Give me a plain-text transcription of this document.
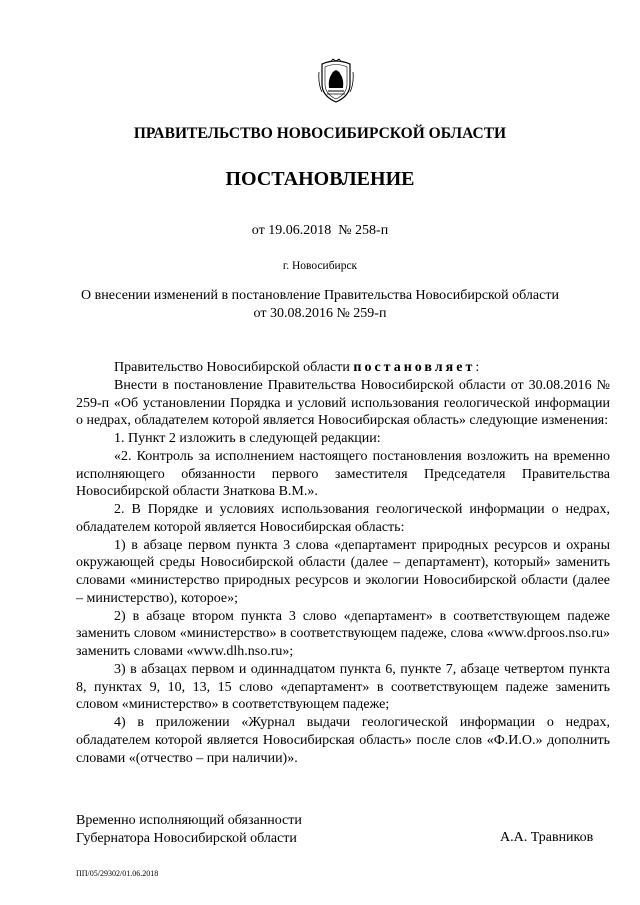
ПРАВИТЕЛЬСТВО НОВОСИБИРСКОЙ ОБЛАСТИ
ПОСТАНОВЛЕНИЕ
от 19.06.2018  № 258-п
г. Новосибирск
О внесении изменений в постановление Правительства Новосибирской области
от 30.08.2016 № 259-п

Правительство Новосибирской области постановляет:

Внести в постановление Правительства Новосибирской области от 30.08.2016 № 259-п «Об установлении Порядка и условий использования геологической информации о недрах, обладателем которой является Новосибирская область» следующие изменения:

1. Пункт 2 изложить в следующей редакции:

«2. Контроль за исполнением настоящего постановления возложить на временно исполняющего обязанности первого заместителя Председателя Правительства Новосибирской области Знаткова В.М.».

2. В Порядке и условиях использования геологической информации о недрах, обладателем которой является Новосибирская область:

1) в абзаце первом пункта 3 слова «департамент природных ресурсов и охраны окружающей среды Новосибирской области (далее – департамент), который» заменить словами «министерство природных ресурсов и экологии Новосибирской области (далее – министерство), которое»;

2) в абзаце втором пункта 3 слово «департамент» в соответствующем падеже заменить словом «министерство» в соответствующем падеже, слова «www.dproos.nso.ru» заменить словами «www.dlh.nso.ru»;

3) в абзацах первом и одиннадцатом пункта 6, пункте 7, абзаце четвертом пункта 8, пунктах 9, 10, 13, 15 слово «департамент» в соответствующем падеже заменить словом «министерство» в соответствующем падеже;

4) в приложении «Журнал выдачи геологической информации о недрах, обладателем которой является Новосибирская область» после слов «Ф.И.О.» дополнить словами «(отчество – при наличии)».

Временно исполняющий обязанности
Губернатора Новосибирской области	А.А. Травников
ПП/05/29302/01.06.2018
